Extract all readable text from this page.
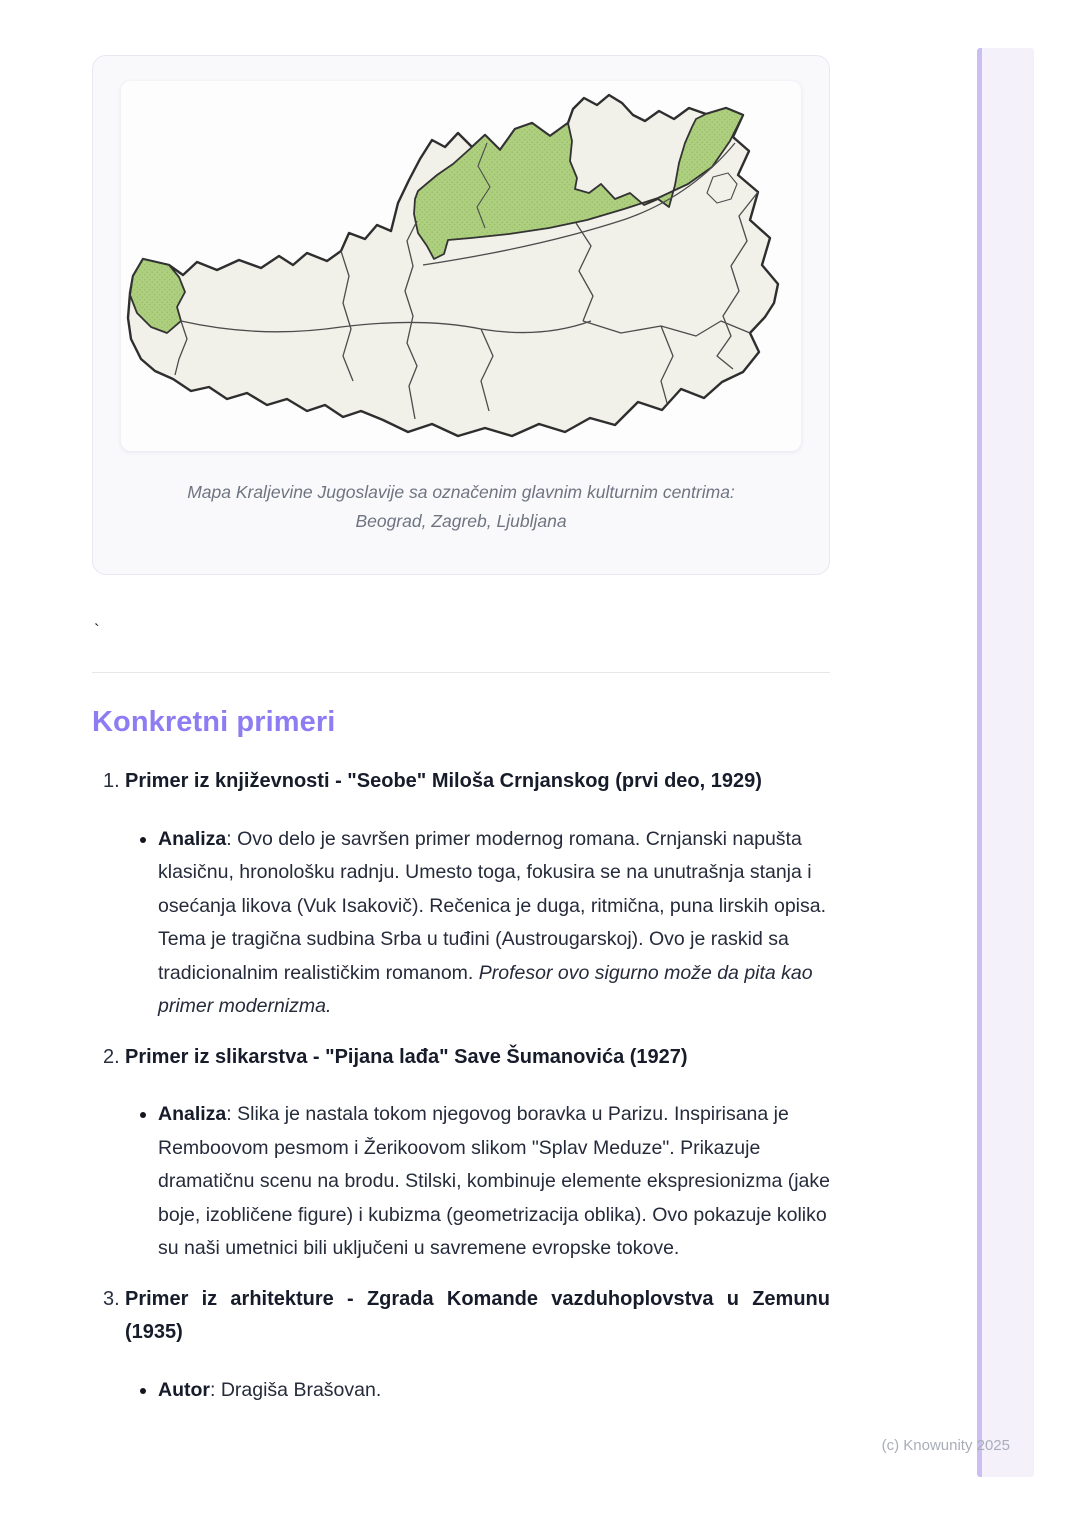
Mapa Kraljevine Jugoslavije sa označenim glavnim kulturnim centrima:
Beograd, Zagreb, Ljubljana
`
Konkretni primeri
1. Primer iz književnosti - "Seobe" Miloša Crnjanskog (prvi deo, 1929)
Analiza: Ovo delo je savršen primer modernog romana. Crnjanski napušta klasičnu, hronološku radnju. Umesto toga, fokusira se na unutrašnja stanja i osećanja likova (Vuk Isakovič). Rečenica je duga, ritmična, puna lirskih opisa. Tema je tragična sudbina Srba u tuđini (Austrougarskoj). Ovo je raskid sa tradicionalnim realističkim romanom. Profesor ovo sigurno može da pita kao primer modernizma.
2. Primer iz slikarstva - "Pijana lađa" Save Šumanovića (1927)
Analiza: Slika je nastala tokom njegovog boravka u Parizu. Inspirisana je Remboovom pesmom i Žerikoovom slikom "Splav Meduze". Prikazuje dramatičnu scenu na brodu. Stilski, kombinuje elemente ekspresionizma (jake boje, izobličene figure) i kubizma (geometrizacija oblika). Ovo pokazuje koliko su naši umetnici bili uključeni u savremene evropske tokove.
3. Primer iz arhitekture - Zgrada Komande vazduhoplovstva u Zemunu (1935)
Autor: Dragiša Brašovan.
(c) Knowunity 2025
